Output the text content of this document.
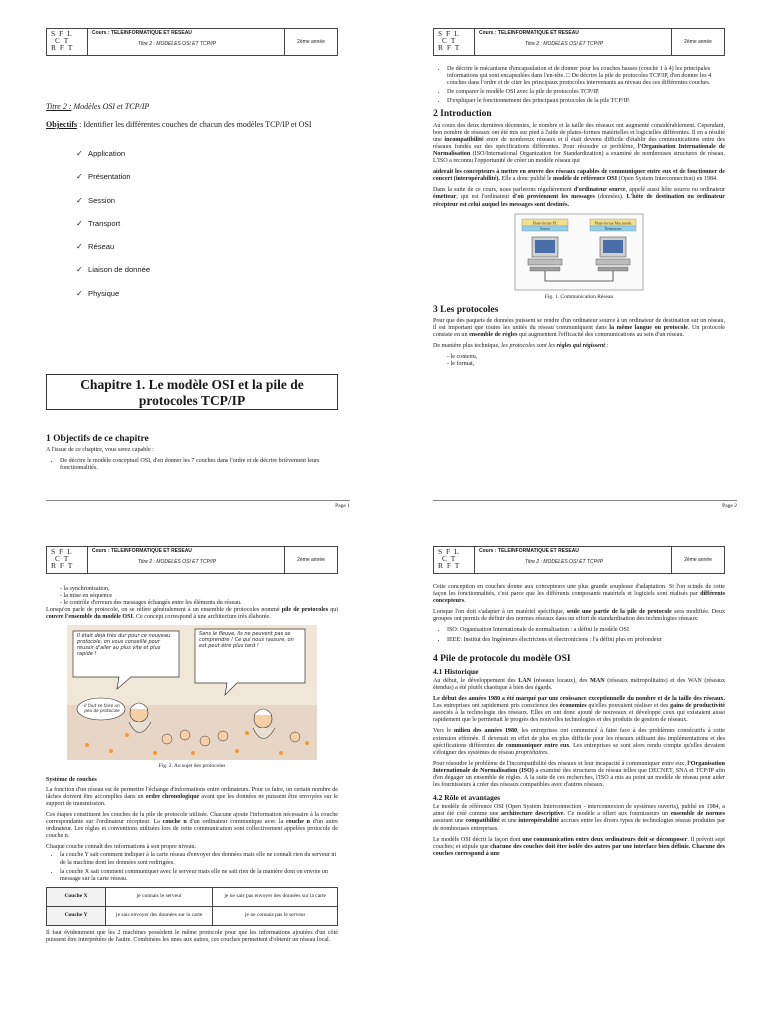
S F L
C T
R F T
Cours : TELEINFORMATIQUE ET RESEAU
Titre 2 : MODELES OSI ET TCP/IP	2ème année

Titre 2 : Modèles OSI et TCP/IP

Objectifs : Identifier les différentes couches de chacun des modèles TCP/IP et OSI

✓ Application
✓ Présentation
✓ Session
✓ Transport
✓ Réseau
✓ Liaison de donnée
✓ Physique
Chapitre 1. Le modèle OSI et la pile de
protocoles TCP/IP
1 Objectifs de ce chapitre

A l'issue de ce chapitre, vous serez capable :

• De décrire le modèle conceptuel OSI, d'en donner les 7 couches dans l'ordre et de décrire brièvement leurs fonctionnalités.
Page 1
S F L
C T
R F T
Cours : TELEINFORMATIQUE ET RESEAU
Titre 2 : MODELES OSI ET TCP/IP	2ème année
• De décrire le mécanisme d'encapsulation et de donner pour les couches basses (couche 1 à 4) les principales informations qui sont encapsulées dans l'en-tête. □ De décrire la pile de protocoles TCP/IP, d'en donner les 4 couches dans l'ordre et de citer les principaux protocoles intervenants au niveau des ces différentes couches.
• De comparer le modèle OSI avec la pile de protocoles TCP/IP.
• D'expliquer le fonctionnement des principaux protocoles de la pile TCP/IP.
2 Introduction

Au cours des deux dernières décennies, le nombre et la taille des réseaux ont augmenté considérablement. Cependant, bon nombre de réseaux ont été mis sur pied à l'aide de plates-formes matérielles et logicielles différentes. Il en a résulté une incompatibilité entre de nombreux réseaux et il était devenu difficile d'établir des communications entre des réseaux fondés sur des spécifications différentes. Pour résoudre ce problème, l'Organisation Internationale de Normalisation (ISO/International Organization for Standardization) a examiné de nombreuses structures de réseau. L'ISO a reconnu l'opportunité de créer un modèle réseau qui

aiderait les concepteurs à mettre en œuvre des réseaux capables de communiquer entre eux et de fonctionner de concert (interopérabilité). Elle a donc publié le modèle de référence OSI (Open System Interconnection) en 1984.

Dans la suite de ce cours, nous parlerons régulièrement d'ordinateur source, appelé aussi hôte source ou ordinateur émetteur, qui est l'ordinateur d'où proviennent les messages (données). L'hôte de destination ou ordinateur récepteur est celui auquel les messages sont destinés.

Plate-forme PC
Source
Plate-forme Macintosh
Destination
Fig. 1. Communication Réseau
3 Les protocoles

Pour que des paquets de données puissent se rendre d'un ordinateur source à un ordinateur de destination sur un réseau, il est important que toutes les unités du réseau communiquent dans la même langue ou protocole. Un protocole consiste en un ensemble de règles qui augmentent l'efficacité des communications au sein d'un réseau.

De manière plus technique, les protocoles sont les règles qui régissent :

- le contenu,
- le format,
Page 2
S F L
C T
R F T
Cours : TELEINFORMATIQUE ET RESEAU
Titre 2 : MODELES OSI ET TCP/IP	2ème année
- la synchronisation,
- la mise en séquence
- le contrôle d'erreurs des messages échangés entre les éléments du réseau.

Lorsqu'on parle de protocole, on se réfère généralement à un ensemble de protocoles nommé pile de protocoles qui couvre l'ensemble du modèle OSI. Ce concept correspond à une architecture très élaborée.

Il était déjà très dur pour ce nouveau protocole, on vous conseillé pour réussir d'aller au plus vite et plus rapide !
Sans le fleuve, ils ne peuvent pas se comprendre ! Ce qui nous rassure, on est peut être plus tard !
Il faut se faire un peu de protocole
Fig. 2. Au sujet des protocoles
Système de couches

La fonction d'un réseau est de permettre l'échange d'informations entre ordinateurs. Pour ce faire, un certain nombre de tâches doivent être accomplies dans un ordre chronologique avant que les données ne puissent être envoyées sur le support de transmission.

Ces étapes constituent les couches de la pile de protocole utilisée. Chacune ajoute l'information nécessaire à la couche correspondante sur l'ordinateur récepteur. La couche n d'un ordinateur communique avec la couche n d'un autre ordinateur. Les règles et conventions utilisées lors de cette communication sont collectivement appelées protocole de couche n.

Chaque couche connaît des informations à son propre niveau.

• la couche Y sait comment indiquer à la carte réseau d'envoyer des données mais elle ne connaît rien du serveur ni de la machine dont les données sont redirigées.
• la couche X sait comment communiquer avec le serveur mais elle ne sait rien de la manière dont on envoie un message sur la carte réseau.
Couche X	je connais le serveur	je ne sais pas envoyer des données sur la carte
Couche Y	je sais envoyer des données sur la carte	je ne connais pas le serveur

Il faut évidemment que les 2 machines possèdent le même protocole pour que les informations ajoutées d'un côté puissent être interprétées de l'autre. Combinées les unes aux autres, ces couches permettent d'obtenir un réseau local.

S F L
C T
R F T
Cours : TELEINFORMATIQUE ET RESEAU
Titre 2 : MODELES OSI ET TCP/IP	2ème année

Cette conception en couches donne aux concepteurs une plus grande souplesse d'adaptation. Si l'on scinde de cette façon les fonctionnalités, c'est parce que les différents composants matériels et logiciels sont réalisés par différents concepteurs.

Lorsque l'on doit s'adapter à un matériel spécifique, seule une partie de la pile de protocole sera modifiée. Deux groupes ont permis de définir des normes réseaux dans un effort de standardisation des technologies réseaux:

• ISO: Organisation Internationale de normalisation : a défini le modèle OSI
• IEEE: Institut des Ingénieurs électriciens et électroniciens : l'a défini plus en profondeur
4 Pile de protocole du modèle OSI
4.1 Historique

Au début, le développement des LAN (réseaux locaux), des MAN (réseaux métropolitains) et des WAN (réseaux étendus) a été plutôt chaotique à bien des égards.

Le début des années 1980 a été marqué par une croissance exceptionnelle du nombre et de la taille des réseaux. Les entreprises ont rapidement pris conscience des économies qu'elles pouvaient réaliser et des gains de productivité associés à la technologie des réseaux. Elles en ont donc ajouté de nouveaux et développé ceux qui existaient aussi rapidement que le permettait le progrès des nouvelles technologies et des produits de gestion de réseaux.

Vers le milieu des années 1980, les entreprises ont commencé à faire face à des problèmes consécutifs à cette extension effrénée. Il devenait en effet de plus en plus difficile pour les réseaux utilisant des implémentations et des spécifications différentes de communiquer entre eux. Les entreprises se sont alors rendu compte qu'elles devaient s'éloigner des systèmes de réseau propriétaires.

Pour résoudre le problème de l'incompatibilité des réseaux et leur incapacité à communiquer entre eux, l'Organisation Internationale de Normalisation (ISO) a examiné des structures de réseau telles que DECNET, SNA et TCP/IP afin d'en dégager un ensemble de règles. À la suite de ces recherches, l'ISO a mis au point un modèle de réseau pour aider les fournisseurs à créer des réseaux compatibles avec d'autres réseaux.

4.2 Rôle et avantages

Le modèle de référence OSI (Open System Interconnection - interconnexion de systèmes ouverts), publié en 1984, a ainsi été créé comme une architecture descriptive. Ce modèle a offert aux fournisseurs un ensemble de normes assurant une compatibilité et une interopérabilité accrues entre les divers types de technologies réseau produites par de nombreuses entreprises.

Le modèle OSI décrit la façon dont une communication entre deux ordinateurs doit se décomposer. Il prévoit sept couches; et stipule que chacune des couches doit être isolée des autres par une interface bien définie. Chacune des couches correspond à une
